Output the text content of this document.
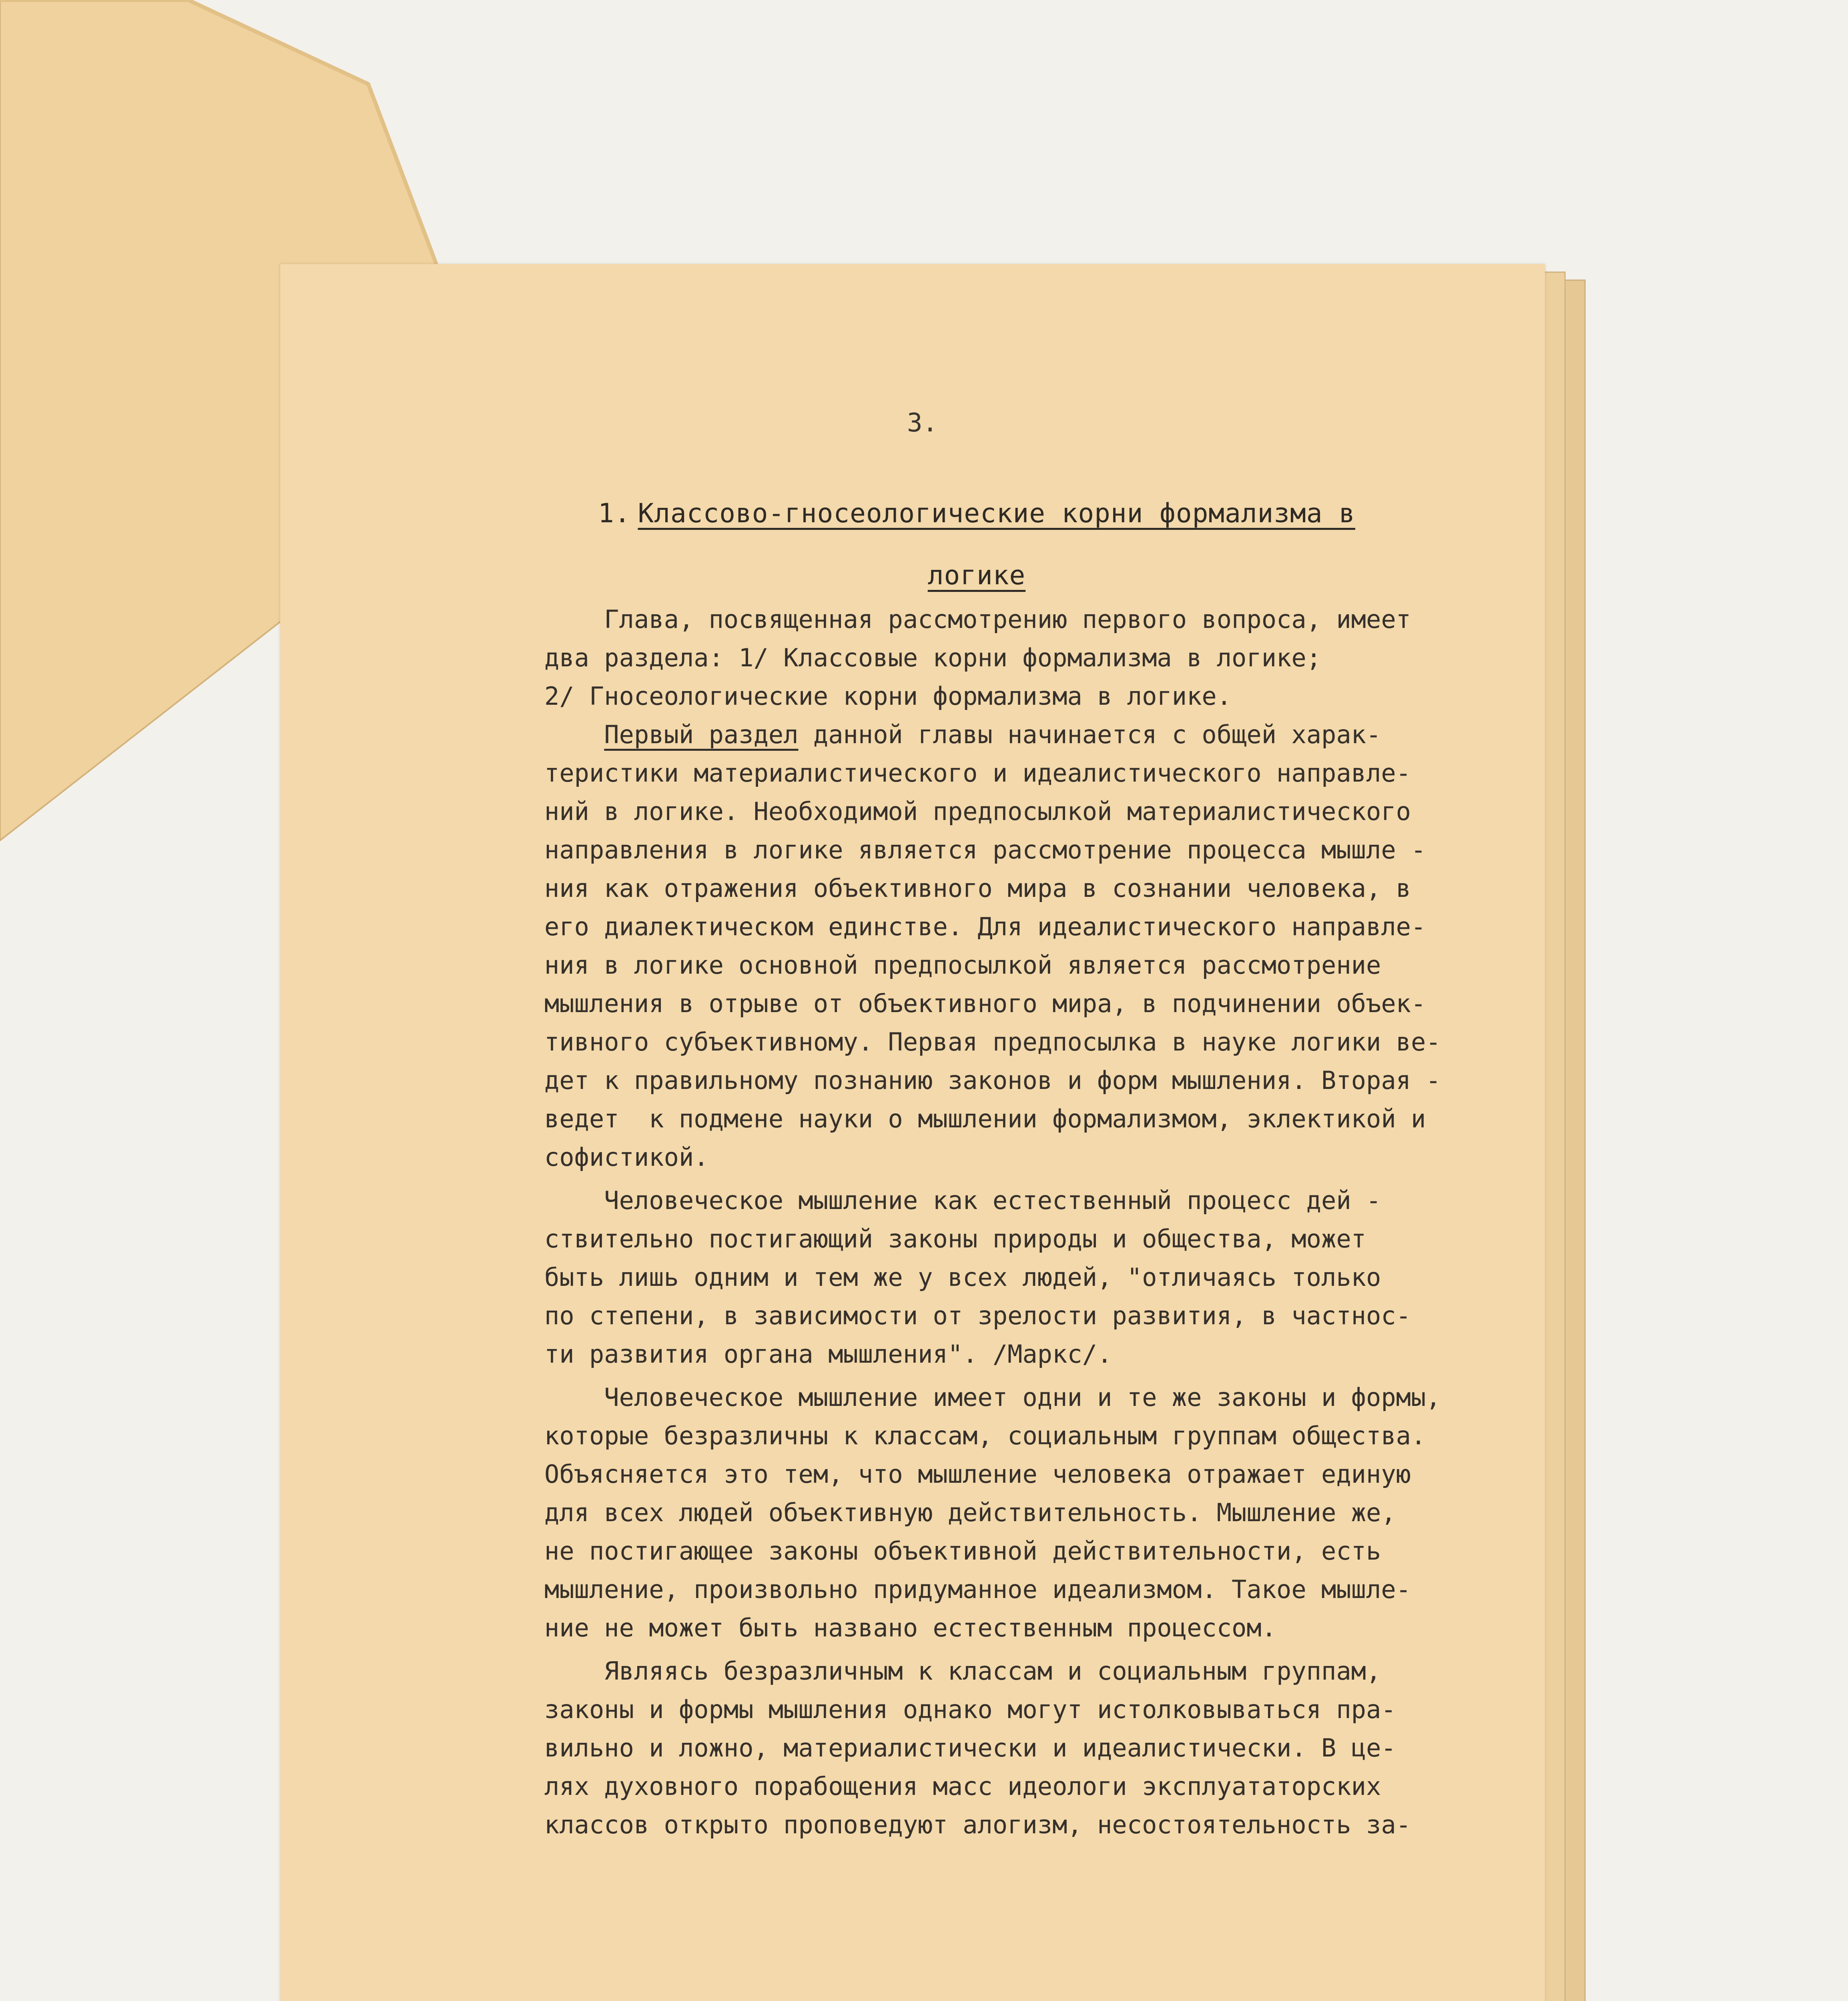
3.
1. Классово-гносеологические корни формализма в
логике
Глава, посвященная рассмотрению первого вопроса, имеет
два раздела: 1/ Классовые корни формализма в логике;
2/ Гносеологические корни формализма в логике.
Первый раздел данной главы начинается с общей харак-
теристики материалистического и идеалистического направле-
ний в логике. Необходимой предпосылкой материалистического
направления в логике является рассмотрение процесса мышле -
ния как отражения объективного мира в сознании человека, в
его диалектическом единстве. Для идеалистического направле-
ния в логике основной предпосылкой является рассмотрение
мышления в отрыве от объективного мира, в подчинении объек-
тивного субъективному. Первая предпосылка в науке логики ве-
дет к правильному познанию законов и форм мышления. Вторая -
ведет  к подмене науки о мышлении формализмом, эклектикой и
софистикой.
Человеческое мышление как естественный процесс дей -
ствительно постигающий законы природы и общества, может
быть лишь одним и тем же у всех людей, "отличаясь только
по степени, в зависимости от зрелости развития, в частнос-
ти развития органа мышления". /Маркс/.
Человеческое мышление имеет одни и те же законы и формы,
которые безразличны к классам, социальным группам общества.
Объясняется это тем, что мышление человека отражает единую
для всех людей объективную действительность. Мышление же,
не постигающее законы объективной действительности, есть
мышление, произвольно придуманное идеализмом. Такое мышле-
ние не может быть названо естественным процессом.
Являясь безразличным к классам и социальным группам,
законы и формы мышления однако могут истолковываться пра-
вильно и ложно, материалистически и идеалистически. В це-
лях духовного порабощения масс идеологи эксплуататорских
классов открыто проповедуют алогизм, несостоятельность за-
